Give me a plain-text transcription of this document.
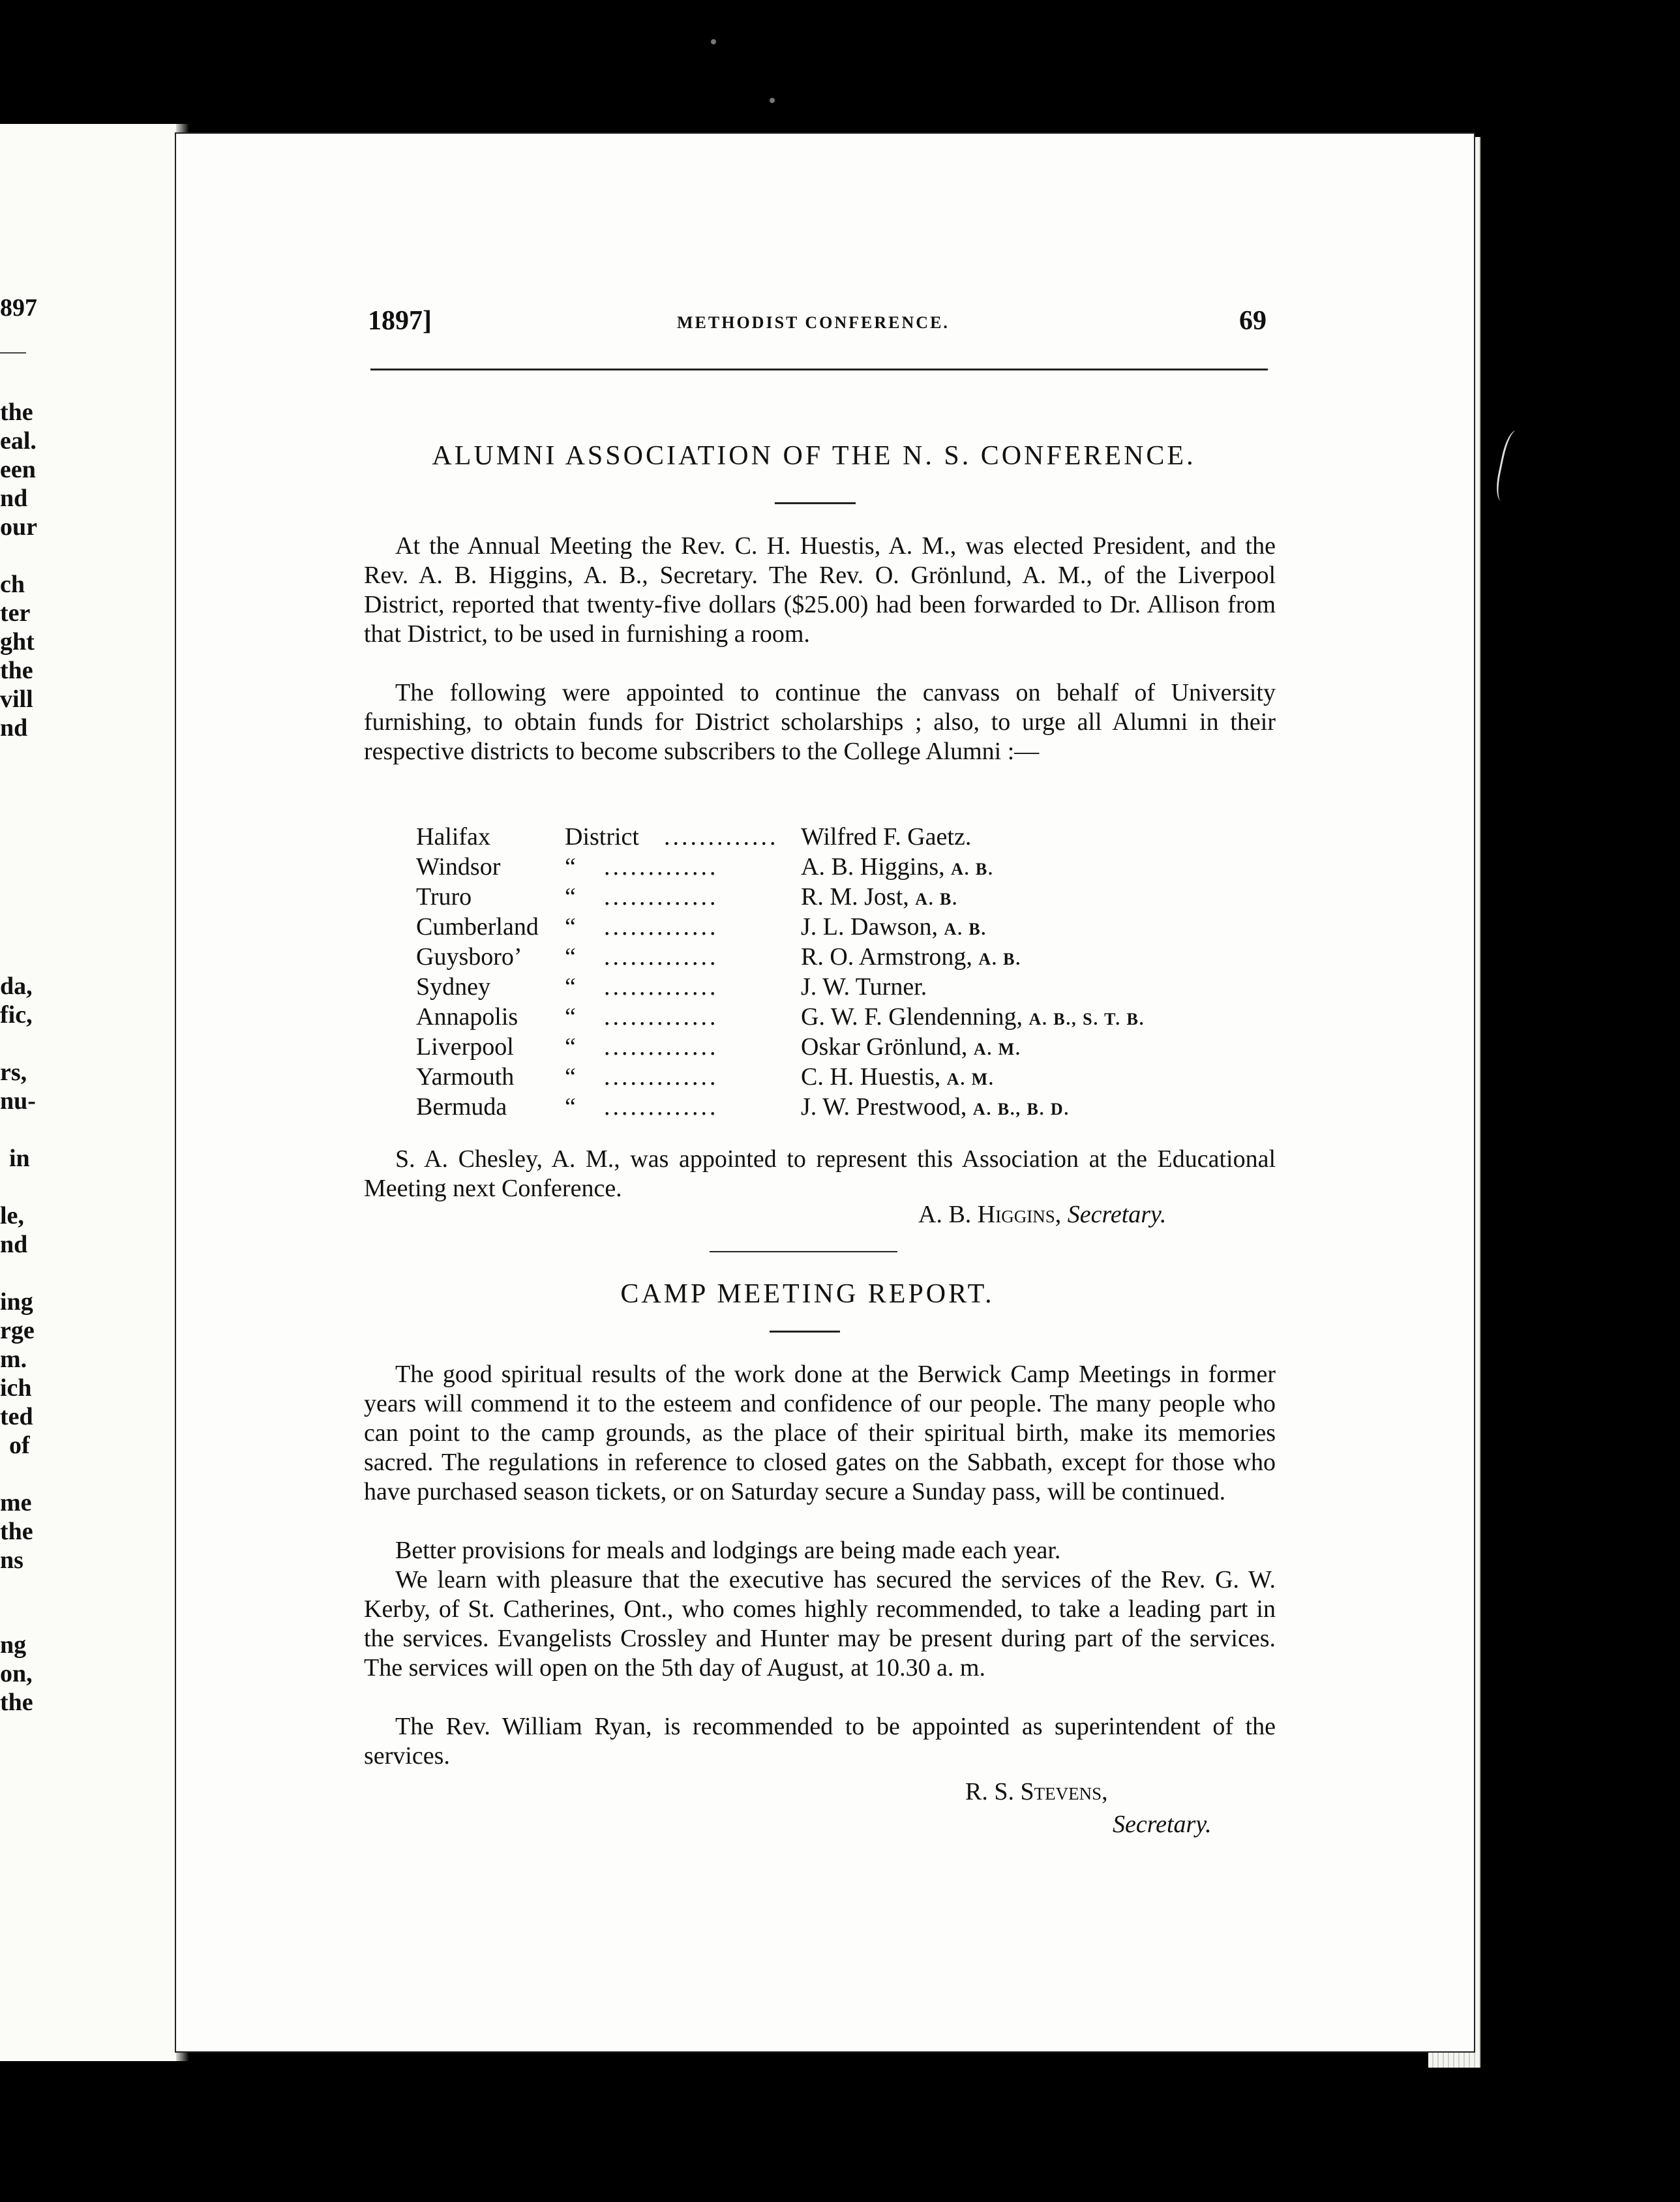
897
the
eal.
een
nd
our
ch
ter
ght
the
vill
nd
da,
fic,
rs,
nu-
in
le,
nd
ing
rge
m.
ich
ted
of
me
the
ns
ng
on,
the
1897]	METHODIST CONFERENCE.	69
ALUMNI ASSOCIATION OF THE N. S. CONFERENCE.
At the Annual Meeting the Rev. C. H. Huestis, A. M., was elected President, and the Rev. A. B. Higgins, A. B., Secretary. The Rev. O. Grönlund, A. M., of the Liverpool District, reported that twenty-five dollars ($25.00) had been forwarded to Dr. Allison from that District, to be used in furnishing a room.
The following were appointed to continue the canvass on behalf of University furnishing, to obtain funds for District scholarships ; also, to urge all Alumni in their respective districts to become subscribers to the College Alumni :—
Halifax	District ............. Wilfred F. Gaetz.
Windsor	“ .............	A. B. Higgins, A. B.
Truro	“ .............	R. M. Jost, A. B.
Cumberland “ .............	J. L. Dawson, A. B.
Guysboro’ “ .............	R. O. Armstrong, A. B.
Sydney	“ .............	J. W. Turner.
Annapolis “ .............	G. W. F. Glendenning, A. B., S. T. B.
Liverpool “ .............	Oskar Grönlund, A. M.
Yarmouth “ .............	C. H. Huestis, A. M.
Bermuda “ .............	J. W. Prestwood, A. B., B. D.
S. A. Chesley, A. M., was appointed to represent this Association at the Educational Meeting next Conference.
A. B. Higgins, Secretary.
CAMP MEETING REPORT.
The good spiritual results of the work done at the Berwick Camp Meetings in former years will commend it to the esteem and confidence of our people. The many people who can point to the camp grounds, as the place of their spiritual birth, make its memories sacred. The regulations in reference to closed gates on the Sabbath, except for those who have purchased season tickets, or on Saturday secure a Sunday pass, will be continued.
Better provisions for meals and lodgings are being made each year.
We learn with pleasure that the executive has secured the services of the Rev. G. W. Kerby, of St. Catherines, Ont., who comes highly recommended, to take a leading part in the services. Evangelists Crossley and Hunter may be present during part of the services. The services will open on the 5th day of August, at 10.30 a. m.
The Rev. William Ryan, is recommended to be appointed as superintendent of the services.
R. S. Stevens,
Secretary.
